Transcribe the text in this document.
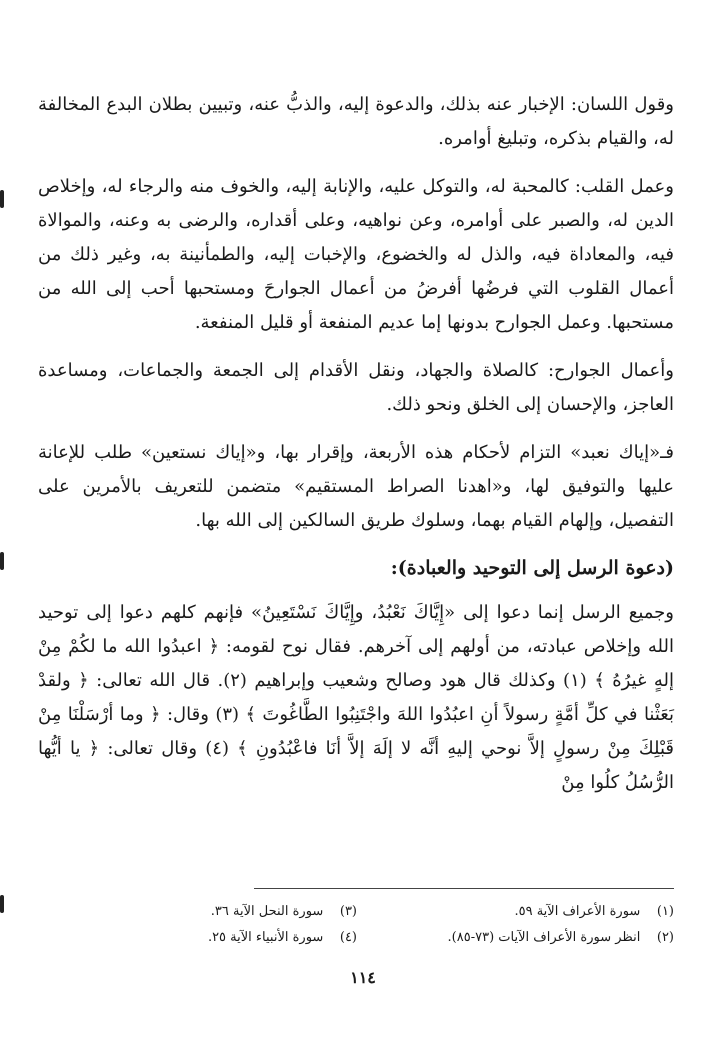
وقول اللسان: الإخبار عنه بذلك، والدعوة إليه، والذبُّ عنه، وتبيين بطلان البدع المخالفة له، والقيام بذكره، وتبليغ أوامره.

وعمل القلب: كالمحبة له، والتوكل عليه، والإنابة إليه، والخوف منه والرجاء له، وإخلاص الدين له، والصبر على أوامره، وعن نواهيه، وعلى أقداره، والرضى به وعنه، والموالاة فيه، والمعاداة فيه، والذل له والخضوع، والإخبات إليه، والطمأنينة به، وغير ذلك من أعمال القلوب التي فرضُها أفرضُ من أعمال الجوارحَ ومستحبها أحب إلى الله من مستحبها. وعمل الجوارح بدونها إما عديم المنفعة أو قليل المنفعة.

وأعمال الجوارح: كالصلاة والجهاد، ونقل الأقدام إلى الجمعة والجماعات، ومساعدة العاجز، والإحسان إلى الخلق ونحو ذلك.

فـ«إياك نعبد» التزام لأحكام هذه الأربعة، وإقرار بها، و«إياك نستعين» طلب للإعانة عليها والتوفيق لها، و«اهدنا الصراط المستقيم» متضمن للتعريف بالأمرين على التفصيل، وإلهام القيام بهما، وسلوك طريق السالكين إلى الله بها.

(دعوة الرسل إلى التوحيد والعبادة):

وجميع الرسل إنما دعوا إلى «إِيَّاكَ نَعْبُدُ، وإِيَّاكَ نَسْتَعِينُ» فإنهم كلهم دعوا إلى توحيد الله وإخلاص عبادته، من أولهم إلى آخرهم. فقال نوح لقومه: ﴿ اعبدُوا الله ما لكُمْ مِنْ إلهٍ غيرُهُ ﴾ (١) وكذلك قال هود وصالح وشعيب وإبراهيم (٢). قال الله تعالى: ﴿ ولقدْ بَعَثْنا في كلِّ أمَّةٍ رسولاً أنِ اعبُدُوا اللهَ واجْتَنِبُوا الطَّاغُوتَ ﴾ (٣) وقال: ﴿ وما أرْسَلْنَا مِنْ قَبْلِكَ مِنْ رسولٍ إلاَّ نوحي إليهِ أنَّه لا إلَهَ إلاَّ أنَا فاعْبُدُونِ ﴾ (٤) وقال تعالى: ﴿ يا أيُّها الرُّسُلُ كلُوا مِنْ

(١)    سورة الأعراف الآية ٥٩.
(٣)    سورة النحل الآية ٣٦.
(٢)    انظر سورة الأعراف الآيات (٧٣-٨٥).
(٤)    سورة الأنبياء الآية ٢٥.
١١٤
